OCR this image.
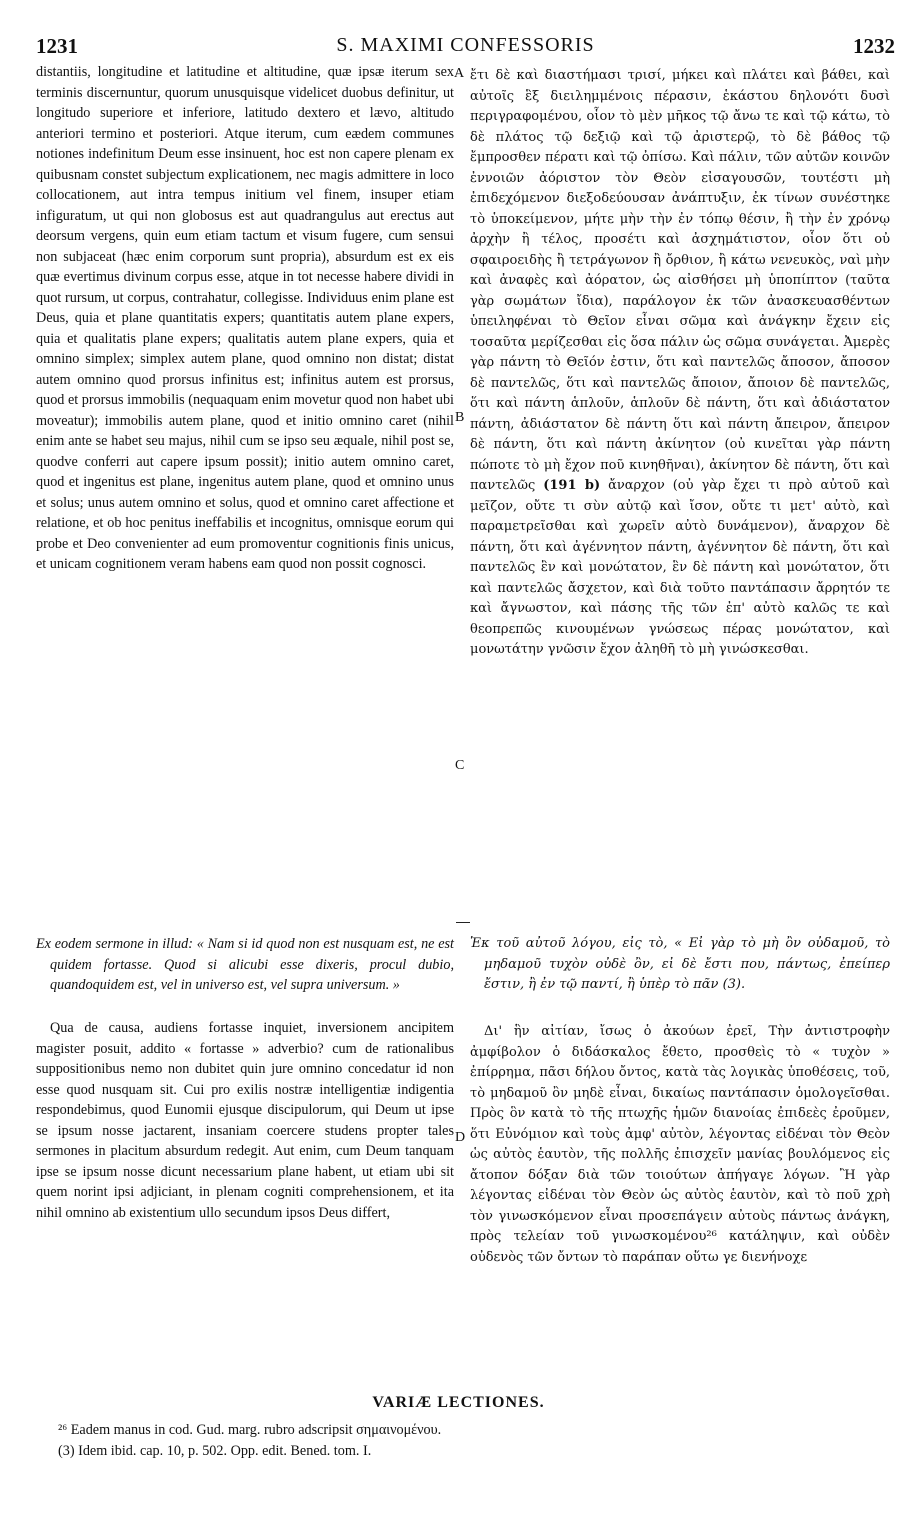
1231	S. MAXIMI CONFESSORIS	1232

distantiis, longitudine et latitudine et altitudine, quæ ipsæ iterum sex terminis discernuntur, quorum unusquisque videlicet duobus definitur, ut longitudo superiore et inferiore, latitudo dextero et lævo, altitudo anteriori termino et posteriori. Atque iterum, cum eædem communes notiones indefinitum Deum esse insinuent, hoc est non capere plenam ex quibusnam constet subjectum explicationem, nec magis admittere in loco collocationem, aut intra tempus initium vel finem, insuper etiam infiguratum, ut qui non globosus est aut quadrangulus aut erectus aut deorsum vergens, quin eum etiam tactum et visum fugere, cum sensui non subjaceat (hæc enim corporum sunt propria), absurdum est ex eis quæ evertimus divinum corpus esse, atque in tot necesse habere dividi in quot rursum, ut corpus, contrahatur, collegisse. Individuus enim plane est Deus, quia et plane quantitatis expers; quantitatis autem plane expers, quia et qualitatis plane expers; qualitatis autem plane expers, quia et omnino simplex; simplex autem plane, quod omnino non distat; distat autem omnino quod prorsus infinitus est; infinitus autem est prorsus, quod et prorsus immobilis (nequaquam enim movetur quod non habet ubi moveatur); immobilis autem plane, quod et initio omnino caret (nihil enim ante se habet seu majus, nihil cum se ipso seu æquale, nihil post se, quodve conferri aut capere ipsum possit); initio autem omnino caret, quod et ingenitus est plane, ingenitus autem plane, quod et omnino unus et solus; unus autem omnino et solus, quod et omnino caret affectione et relatione, et ob hoc penitus ineffabilis et incognitus, omnisque eorum qui probe et Deo convenienter ad eum promoventur cognitionis finis unicus, et unicam cognitionem veram habens eam quod non possit cognosci.

ἔτι δὲ καὶ διαστήμασι τρισί, μήκει καὶ πλάτει καὶ βάθει, καὶ αὐτοῖς ἓξ διειλημμένοις πέρασιν, ἑκάστου δηλονότι δυσὶ περιγραφομένου, οἷον τὸ μὲν μῆκος τῷ ἄνω τε καὶ τῷ κάτω, τὸ δὲ πλάτος τῷ δεξιῷ καὶ τῷ ἀριστερῷ, τὸ δὲ βάθος τῷ ἔμπροσθεν πέρατι καὶ τῷ ὀπίσω. Καὶ πάλιν, τῶν αὐτῶν κοινῶν ἐννοιῶν ἀόριστον τὸν Θεὸν εἰσαγουσῶν, τουτέστι μὴ ἐπιδεχόμενον διεξοδεύουσαν ἀνάπτυξιν, ἐκ τίνων συνέστηκε τὸ ὑποκείμενον, μήτε μὴν τὴν ἐν τόπῳ θέσιν, ἢ τὴν ἐν χρόνῳ ἀρχὴν ἢ τέλος, προσέτι καὶ ἀσχημάτιστον, οἷον ὅτι οὐ σφαιροειδὴς ἢ τετράγωνον ἢ ὄρθιον, ἢ κάτω νενευκὸς, ναὶ μὴν καὶ ἀναφὲς καὶ ἀόρατον, ὡς αἰσθήσει μὴ ὑποπίπτον (ταῦτα γὰρ σωμάτων ἴδια), παράλογον ἐκ τῶν ἀνασκευασθέντων ὑπειληφέναι τὸ Θεῖον εἶναι σῶμα καὶ ἀνάγκην ἔχειν εἰς τοσαῦτα μερίζεσθαι εἰς ὅσα πάλιν ὡς σῶμα συνάγεται. Ἀμερὲς γὰρ πάντη τὸ Θεῖόν ἐστιν, ὅτι καὶ παντελῶς ἄποσον, ἄποσον δὲ παντελῶς, ὅτι καὶ παντελῶς ἄποιον, ἄποιον δὲ παντελῶς, ὅτι καὶ πάντη ἁπλοῦν, ἁπλοῦν δὲ πάντη, ὅτι καὶ ἀδιάστατον πάντη, ἀδιάστατον δὲ πάντη ὅτι καὶ πάντη ἄπειρον, ἄπειρον δὲ πάντη, ὅτι καὶ πάντη ἀκίνητον (οὐ κινεῖται γὰρ πάντη πώποτε τὸ μὴ ἔχον ποῦ κινηθῆναι), ἀκίνητον δὲ πάντη, ὅτι καὶ παντελῶς (191 b) ἄναρχον (οὐ γὰρ ἔχει τι πρὸ αὐτοῦ καὶ μεῖζον, οὔτε τι σὺν αὐτῷ καὶ ἴσον, οὔτε τι μετ' αὐτὸ, καὶ παραμετρεῖσθαι καὶ χωρεῖν αὐτὸ δυνάμενον), ἄναρχον δὲ πάντη, ὅτι καὶ ἀγέννητον πάντη, ἀγέννητον δὲ πάντη, ὅτι καὶ παντελῶς ἓν καὶ μονώτατον, ἓν δὲ πάντη καὶ μονώτατον, ὅτι καὶ παντελῶς ἄσχετον, καὶ διὰ τοῦτο παντάπασιν ἄρρητόν τε καὶ ἄγνωστον, καὶ πάσης τῆς τῶν ἐπ' αὐτὸ καλῶς τε καὶ θεοπρεπῶς κινουμένων γνώσεως πέρας μονώτατον, καὶ μονωτάτην γνῶσιν ἔχον ἀληθῆ τὸ μὴ γινώσκεσθαι.

A
B
C

Ex eodem sermone in illud: « Nam si id quod non est nusquam est, ne est quidem fortasse. Quod si alicubi esse dixeris, procul dubio, quandoquidem est, vel in universo est, vel supra universum. »

Qua de causa, audiens fortasse inquiet, inversionem ancipitem magister posuit, addito « fortasse » adverbio? cum de rationalibus suppositionibus nemo non dubitet quin jure omnino concedatur id non esse quod nusquam sit. Cui pro exilis nostræ intelligentiæ indigentia respondebimus, quod Eunomii ejusque discipulorum, qui Deum ut ipse se ipsum nosse jactarent, insaniam coercere studens propter tales sermones in placitum absurdum redegit. Aut enim, cum Deum tanquam ipse se ipsum nosse dicunt necessarium plane habent, ut etiam ubi sit quem norint ipsi adjiciant, in plenam cogniti comprehensionem, et ita nihil omnino ab existentium ullo secundum ipsos Deus differt,

Ἐκ τοῦ αὐτοῦ λόγου, εἰς τὸ, « Εἰ γὰρ τὸ μὴ ὂν οὐδαμοῦ, τὸ μηδαμοῦ τυχὸν οὐδὲ ὂν, εἰ δὲ ἔστι που, πάντως, ἐπείπερ ἔστιν, ἢ ἐν τῷ παντί, ἢ ὑπὲρ τὸ πᾶν (3).

Δι' ἣν αἰτίαν, ἴσως ὁ ἀκούων ἐρεῖ, Τὴν ἀντιστροφὴν ἀμφίβολον ὁ διδάσκαλος ἔθετο, προσθεὶς τὸ « τυχὸν » ἐπίρρημα, πᾶσι δήλου ὄντος, κατὰ τὰς λογικὰς ὑποθέσεις, τοῦ, τὸ μηδαμοῦ ὂν μηδὲ εἶναι, δικαίως παντάπασιν ὁμολογεῖσθαι. Πρὸς ὃν κατὰ τὸ τῆς πτωχῆς ἡμῶν διανοίας ἐπιδεὲς ἐροῦμεν, ὅτι Εὐνόμιον καὶ τοὺς ἀμφ' αὐτὸν, λέγοντας εἰδέναι τὸν Θεὸν ὡς αὐτὸς ἑαυτὸν, τῆς πολλῆς ἐπισχεῖν μανίας βουλόμενος εἰς ἄτοπον δόξαν διὰ τῶν τοιούτων ἀπήγαγε λόγων. Ἢ γὰρ λέγοντας εἰδέναι τὸν Θεὸν ὡς αὐτὸς ἑαυτὸν, καὶ τὸ ποῦ χρὴ τὸν γινωσκόμενον εἶναι προσεπάγειν αὐτοὺς πάντως ἀνάγκη, πρὸς τελείαν τοῦ γινωσκομένου²⁶ κατάληψιν, καὶ οὐδὲν οὐδενὸς τῶν ὄντων τὸ παράπαν οὕτω γε διενήνοχε

D
VARIÆ LECTIONES.

²⁶ Eadem manus in cod. Gud. marg. rubro adscripsit σημαινομένου.

(3) Idem ibid. cap. 10, p. 502. Opp. edit. Bened. tom. I.
